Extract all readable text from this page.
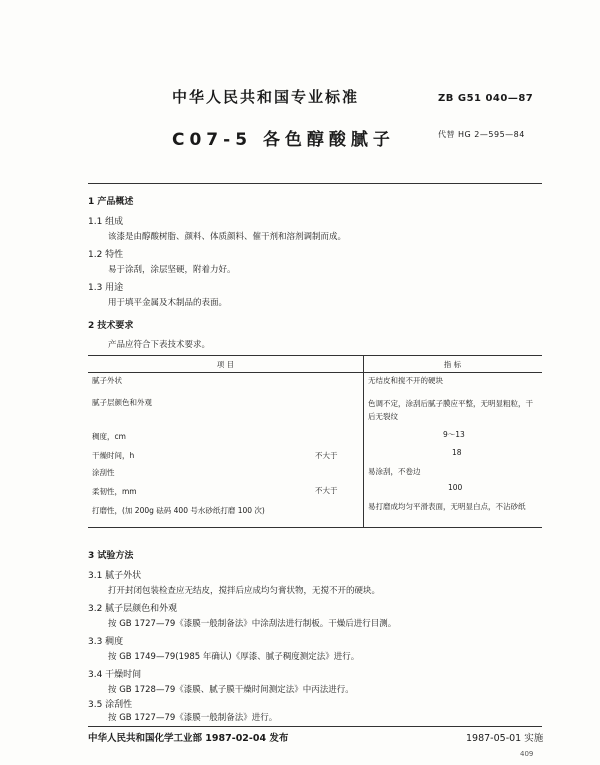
中华人民共和国专业标准	ZB G51 040—87
C07-5 各色醇酸腻子	代替 HG 2—595—84
1 产品概述
1.1 组成
该漆是由醇酸树脂、颜料、体质颜料、催干剂和溶剂调制而成。
1.2 特性
易于涂刮，涂层坚硬，附着力好。
1.3 用途
用于填平金属及木制品的表面。
2 技术要求
产品应符合下表技术要求。
项 目	指 标
腻子外状	无结皮和搅不开的硬块
腻子层颜色和外观	色调不定，涂刮后腻子膜应平整，无明显粗粒，干后无裂纹
稠度，cm	9～13
干燥时间，h	不大于	18
涂刮性	易涂刮，不卷边
柔韧性，mm	不大于	100
打磨性，(加 200g 砝码 400 号水砂纸打磨 100 次)	易打磨成均匀平滑表面，无明显白点，不沾砂纸
3 试验方法
3.1 腻子外状
打开封闭包装检查应无结皮，搅拌后应成均匀膏状物，无搅不开的硬块。
3.2 腻子层颜色和外观
按 GB 1727—79《漆膜一般制备法》中涂刮法进行制板。干燥后进行目测。
3.3 稠度
按 GB 1749—79(1985 年确认)《厚漆、腻子稠度测定法》进行。
3.4 干燥时间
按 GB 1728—79《漆膜、腻子膜干燥时间测定法》中丙法进行。
3.5 涂刮性
按 GB 1727—79《漆膜一般制备法》进行。
中华人民共和国化学工业部 1987-02-04 发布	1987-05-01 实施
409
